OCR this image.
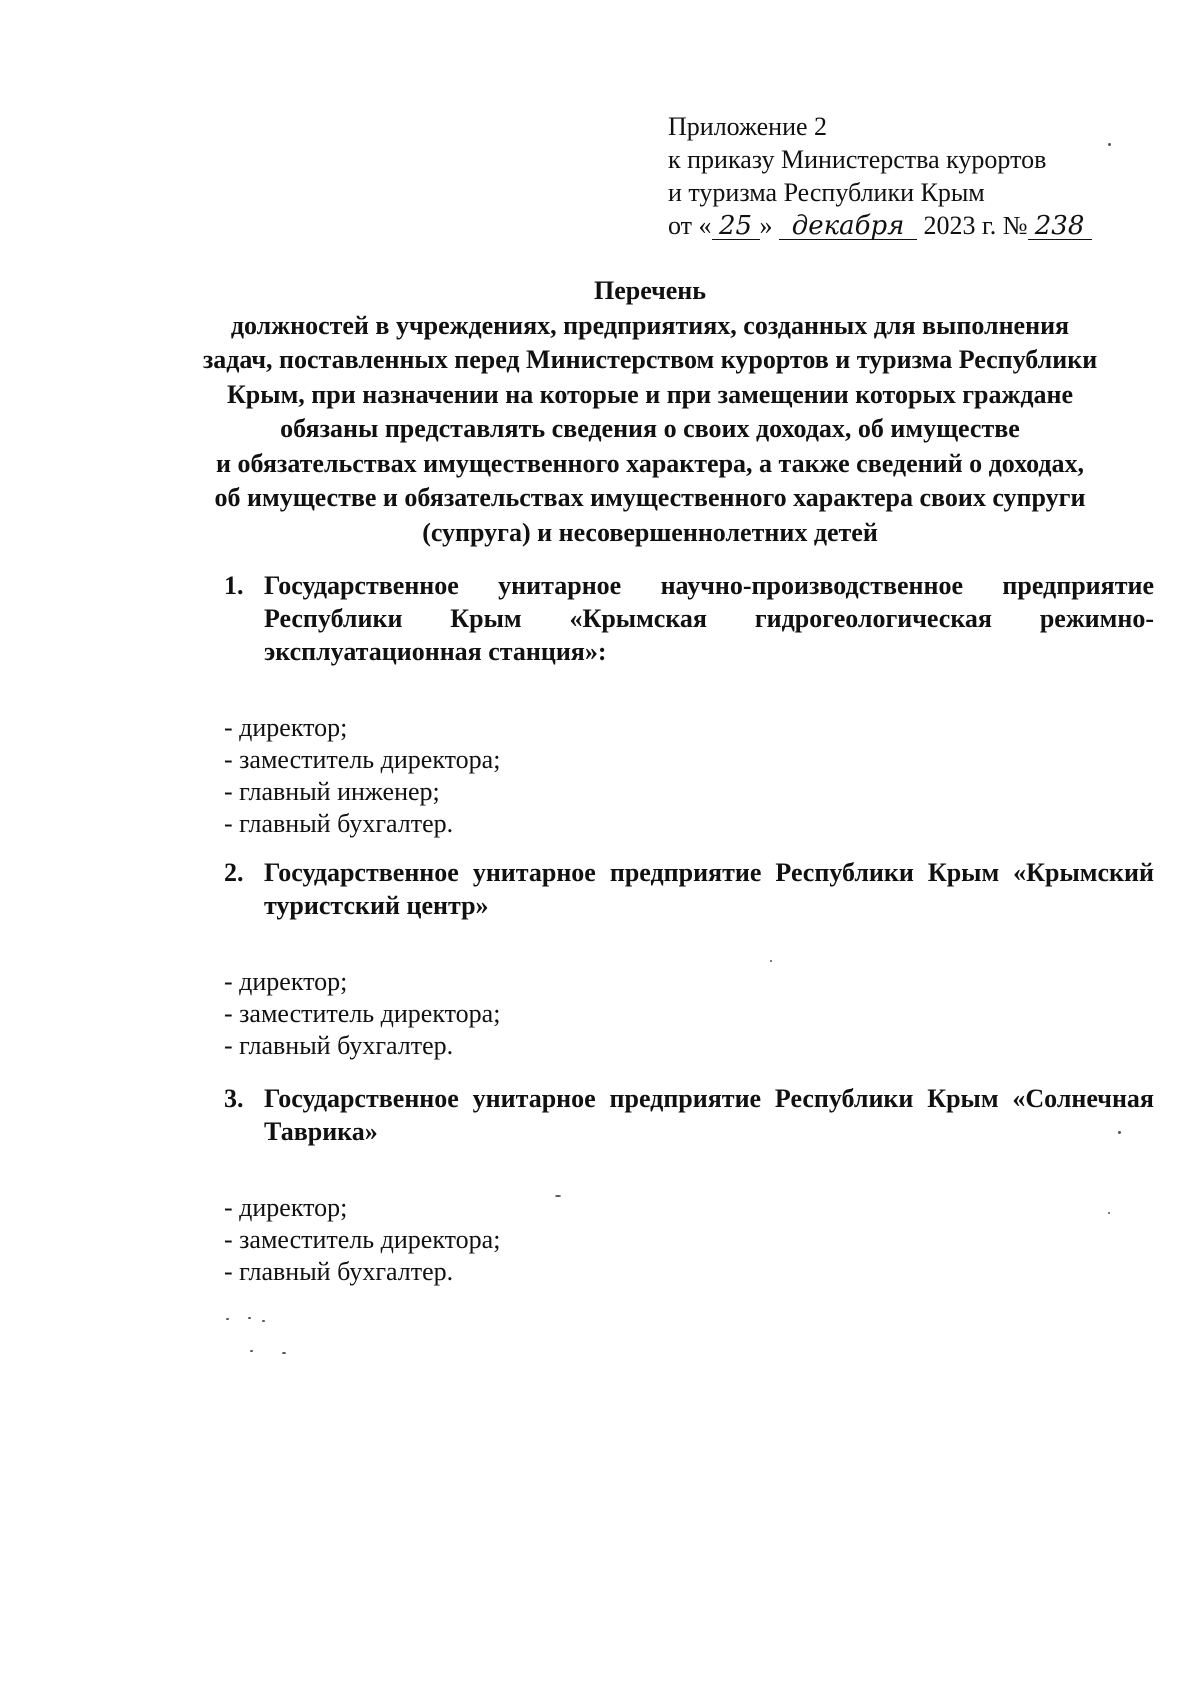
Приложение 2
к приказу Министерства курортов
и туризма Республики Крым
от « 25 » декабря 2023 г. № 238
Перечень
должностей в учреждениях, предприятиях, созданных для выполнения
задач, поставленных перед Министерством курортов и туризма Республики
Крым, при назначении на которые и при замещении которых граждане
обязаны представлять сведения о своих доходах, об имуществе
и обязательствах имущественного характера, а также сведений о доходах,
об имуществе и обязательствах имущественного характера своих супруги
(супруга) и несовершеннолетних детей
1. Государственное унитарное научно-производственное предприятие Республики Крым «Крымская гидрогеологическая режимно-эксплуатационная станция»:
- директор;
- заместитель директора;
- главный инженер;
- главный бухгалтер.
2. Государственное унитарное предприятие Республики Крым «Крымский туристский центр»
- директор;
- заместитель директора;
- главный бухгалтер.
3. Государственное унитарное предприятие Республики Крым «Солнечная Таврика»
- директор;
- заместитель директора;
- главный бухгалтер.
